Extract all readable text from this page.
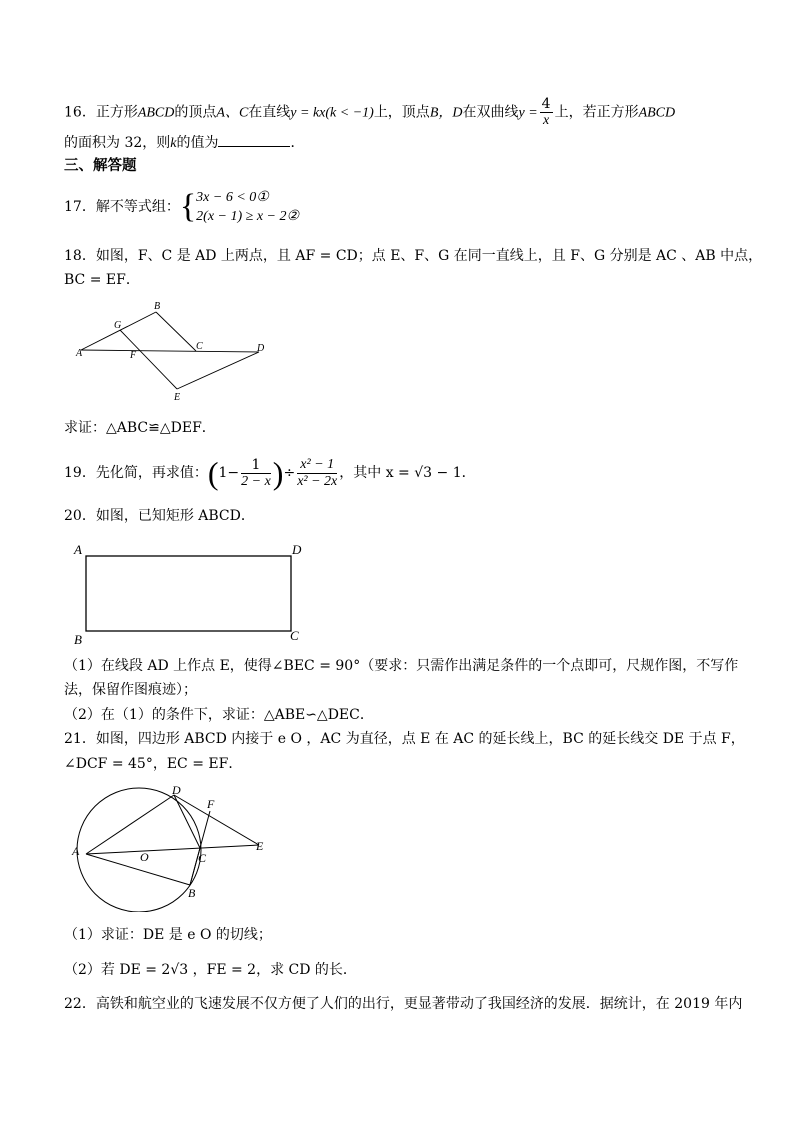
16．正方形ABCD的顶点A、C在直线y = kx(k < −1)上，顶点B，D在双曲线$y = \frac{4}{x}$ 上，若正方形ABCD
的面积为 32，则k的值为	．
三、解答题
17．解不等式组：{ 3x − 6 < 0①
2(x − 1) ≥ x − 2②
18．如图，F、C 是 AD 上两点，且 AF = CD；点 E、F、G 在同一直线上，且 F、G 分别是 AC 、AB 中点，
BC = EF．
A
B
C	D
E
F
G
求证：△ABC≌△DEF．
19．先化简，再求值：($1- \frac{1}{2 - x}$ )÷ $\frac{\text{x² − 1}}{\text{x² − 2x}}$ ，其中 x = √3 − 1．
20．如图，已知矩形 ABCD．
A	D
B	C
（1）在线段 AD 上作点 E，使得∠BEC = 90°（要求：只需作出满足条件的一个点即可，尺规作图，不写作
法，保留作图痕迹）；
（2）在（1）的条件下，求证：△ABE∽△DEC．
21．如图，四边形 ABCD 内接于 e O ，AC 为直径，点 E 在 AC 的延长线上，BC 的延长线交 DE 于点 F，
∠DCF = 45°，EC = EF．
A
D
F
E
O	C
B
（1）求证：DE 是 e O 的切线；
（2）若 DE = 2√3 ，FE = 2，求 CD 的长．
22．高铁和航空业的飞速发展不仅方便了人们的出行，更显著带动了我国经济的发展．据统计，在 2019 年内
